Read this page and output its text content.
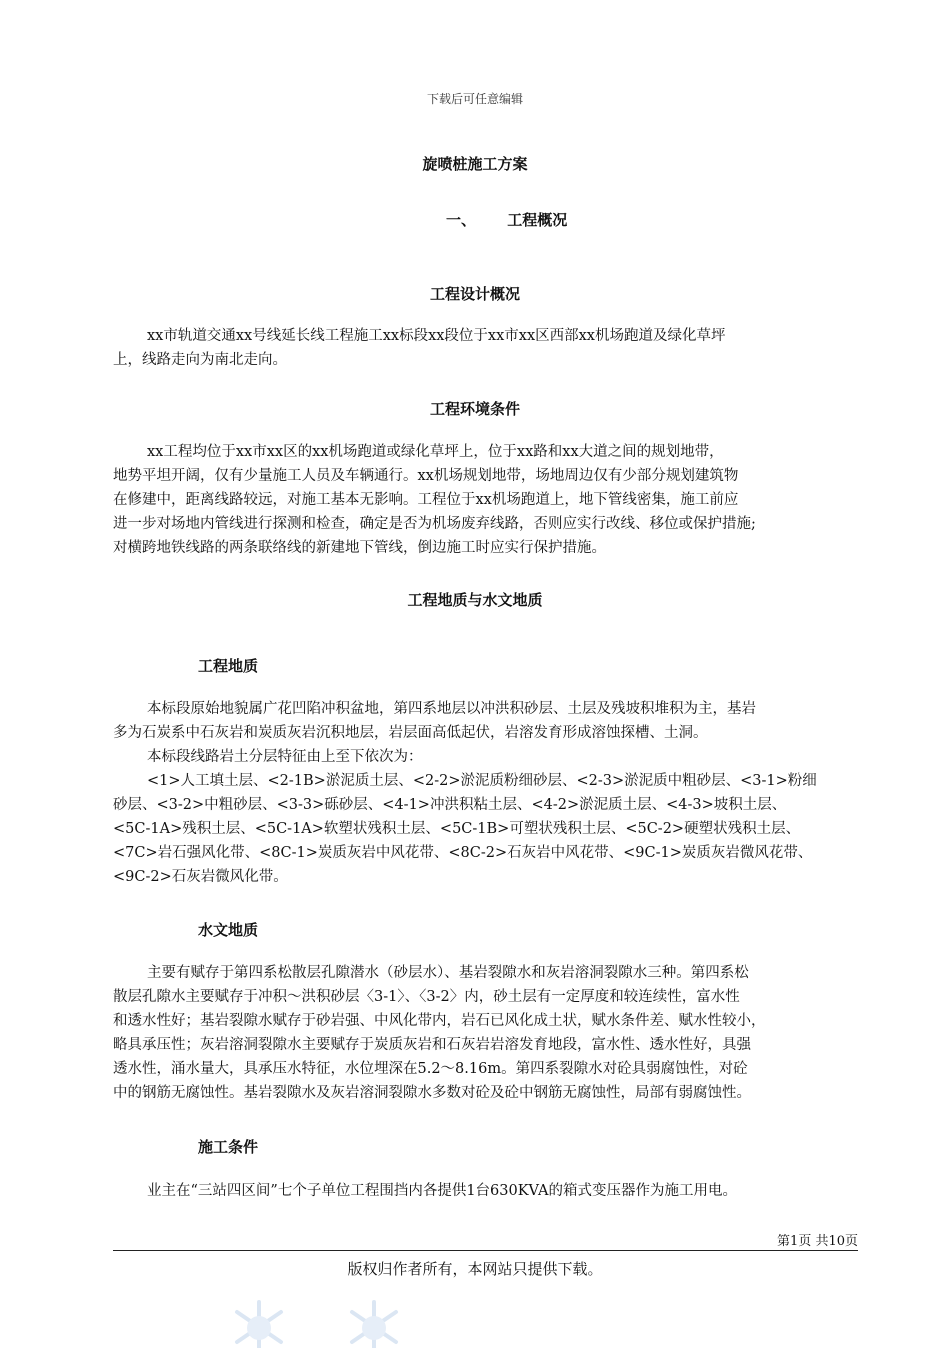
下载后可任意编辑
旋喷桩施工方案
一、 工程概况
工程设计概况
xx市轨道交通xx号线延长线工程施工xx标段xx段位于xx市xx区西部xx机场跑道及绿化草坪
上，线路走向为南北走向。
工程环境条件
xx工程均位于xx市xx区的xx机场跑道或绿化草坪上，位于xx路和xx大道之间的规划地带，
地势平坦开阔，仅有少量施工人员及车辆通行。xx机场规划地带，场地周边仅有少部分规划建筑物
在修建中，距离线路较远，对施工基本无影响。工程位于xx机场跑道上，地下管线密集，施工前应
进一步对场地内管线进行探测和检查，确定是否为机场废弃线路，否则应实行改线、移位或保护措施;
对横跨地铁线路的两条联络线的新建地下管线，倒边施工时应实行保护措施。
工程地质与水文地质
工程地质
本标段原始地貌属广花凹陷冲积盆地，第四系地层以冲洪积砂层、土层及残坡积堆积为主，基岩
多为石炭系中石灰岩和炭质灰岩沉积地层，岩层面高低起伏，岩溶发育形成溶蚀探槽、土洞。
本标段线路岩土分层特征由上至下依次为：
<1>人工填土层、<2-1B>淤泥质土层、<2-2>淤泥质粉细砂层、<2-3>淤泥质中粗砂层、<3-1>粉细
砂层、<3-2>中粗砂层、<3-3>砾砂层、<4-1>冲洪积粘土层、<4-2>淤泥质土层、<4-3>坡积土层、
<5C-1A>残积土层、<5C-1A>软塑状残积土层、<5C-1B>可塑状残积土层、<5C-2>硬塑状残积土层、
<7C>岩石强风化带、<8C-1>炭质灰岩中风花带、<8C-2>石灰岩中风花带、<9C-1>炭质灰岩微风花带、
<9C-2>石灰岩微风化带。
水文地质
主要有赋存于第四系松散层孔隙潜水（砂层水）、基岩裂隙水和灰岩溶洞裂隙水三种。第四系松
散层孔隙水主要赋存于冲积～洪积砂层〈3-1〉、〈3-2〉内，砂土层有一定厚度和较连续性，富水性
和透水性好；基岩裂隙水赋存于砂岩强、中风化带内，岩石已风化成土状，赋水条件差、赋水性较小，
略具承压性；灰岩溶洞裂隙水主要赋存于炭质灰岩和石灰岩岩溶发育地段，富水性、透水性好，具强
透水性，涌水量大，具承压水特征，水位埋深在5.2～8.16m。第四系裂隙水对砼具弱腐蚀性，对砼
中的钢筋无腐蚀性。基岩裂隙水及灰岩溶洞裂隙水多数对砼及砼中钢筋无腐蚀性，局部有弱腐蚀性。
施工条件
业主在“三站四区间”七个子单位工程围挡内各提供1台630KVA的箱式变压器作为施工用电。
第1页 共10页
版权归作者所有，本网站只提供下载。
